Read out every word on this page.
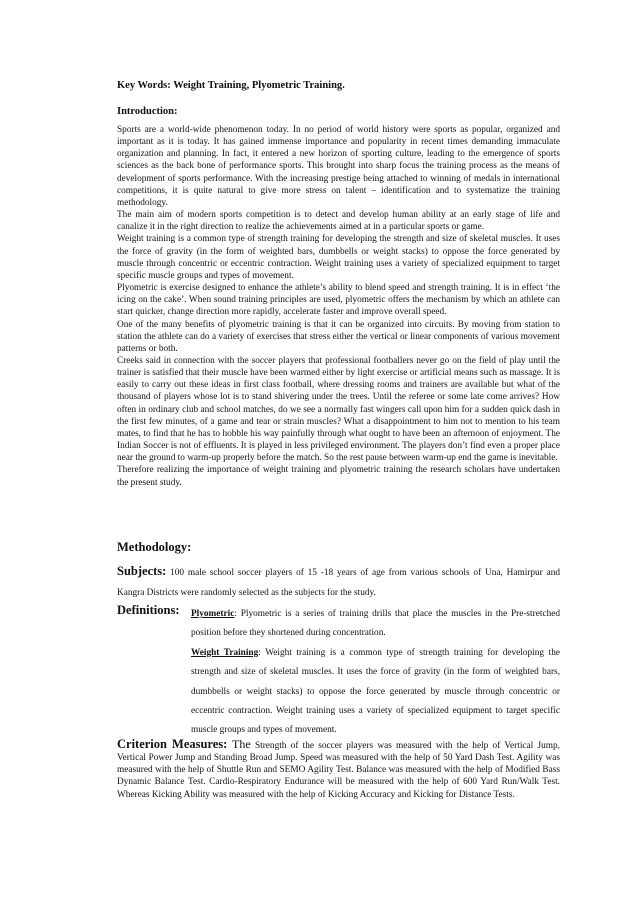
Key Words: Weight Training, Plyometric Training.
Introduction:

Sports are a world-wide phenomenon today. In no period of world history were sports as popular, organized and important as it is today. It has gained immense importance and popularity in recent times demanding immaculate organization and planning. In fact, it entered a new horizon of sporting culture, leading to the emergence of sports sciences as the back bone of performance sports. This brought into sharp focus the training process as the means of development of sports performance. With the increasing prestige being attached to winning of medals in international competitions, it is quite natural to give more stress on talent – identification and to systematize the training methodology.

The main aim of modern sports competition is to detect and develop human ability at an early stage of life and canalize it in the right direction to realize the achievements aimed at in a particular sports or game.

Weight training is a common type of strength training for developing the strength and size of skeletal muscles. It uses the force of gravity (in the form of weighted bars, dumbbells or weight stacks) to oppose the force generated by muscle through concentric or eccentric contraction. Weight training uses a variety of specialized equipment to target specific muscle groups and types of movement.

Plyometric is exercise designed to enhance the athlete’s ability to blend speed and strength training. It is in effect ‘the icing on the cake’. When sound training principles are used, plyometric offers the mechanism by which an athlete can start quicker, change direction more rapidly, accelerate faster and improve overall speed.

One of the many benefits of plyometric training is that it can be organized into circuits. By moving from station to station the athlete can do a variety of exercises that stress either the vertical or linear components of various movement patterns or both.

Creeks said in connection with the soccer players that professional footballers never go on the field of play until the trainer is satisfied that their muscle have been warmed either by light exercise or artificial means such as massage. It is easily to carry out these ideas in first class football, where dressing rooms and trainers are available but what of the thousand of players whose lot is to stand shivering under the trees. Until the referee or some late come arrives? How often in ordinary club and school matches, do we see a normally fast wingers call upon him for a sudden quick dash in the first few minutes, of a game and tear or strain muscles? What a disappointment to him not to mention to his team mates, to find that he has to hobble his way painfully through what ought to have been an afternoon of enjoyment. The Indian Soccer is not of effluents. It is played in less privileged environment. The players don’t find even a proper place near the ground to warm-up properly before the match. So the rest pause between warm-up end the game is inevitable.

Therefore realizing the importance of weight training and plyometric training the research scholars have undertaken the present study.

Methodology:
Subjects: 100 male school soccer players of 15 -18 years of age from various schools of Una, Hamirpur and Kangra Districts were randomly selected as the subjects for the study.
Definitions: Plyometric: Plyometric is a series of training drills that place the muscles in the Pre-stretched position before they shortened during concentration.

Weight Training: Weight training is a common type of strength training for developing the strength and size of skeletal muscles. It uses the force of gravity (in the form of weighted bars, dumbbells or weight stacks) to oppose the force generated by muscle through concentric or eccentric contraction. Weight training uses a variety of specialized equipment to target specific muscle groups and types of movement.

Criterion Measures: The Strength of the soccer players was measured with the help of Vertical Jump, Vertical Power Jump and Standing Broad Jump. Speed was measured with the help of 50 Yard Dash Test. Agility was measured with the help of Shuttle Run and SEMO Agility Test. Balance was measured with the help of Modified Bass Dynamic Balance Test. Cardio-Respiratory Endurance will be measured with the help of 600 Yard Run/Walk Test. Whereas Kicking Ability was measured with the help of Kicking Accuracy and Kicking for Distance Tests.
